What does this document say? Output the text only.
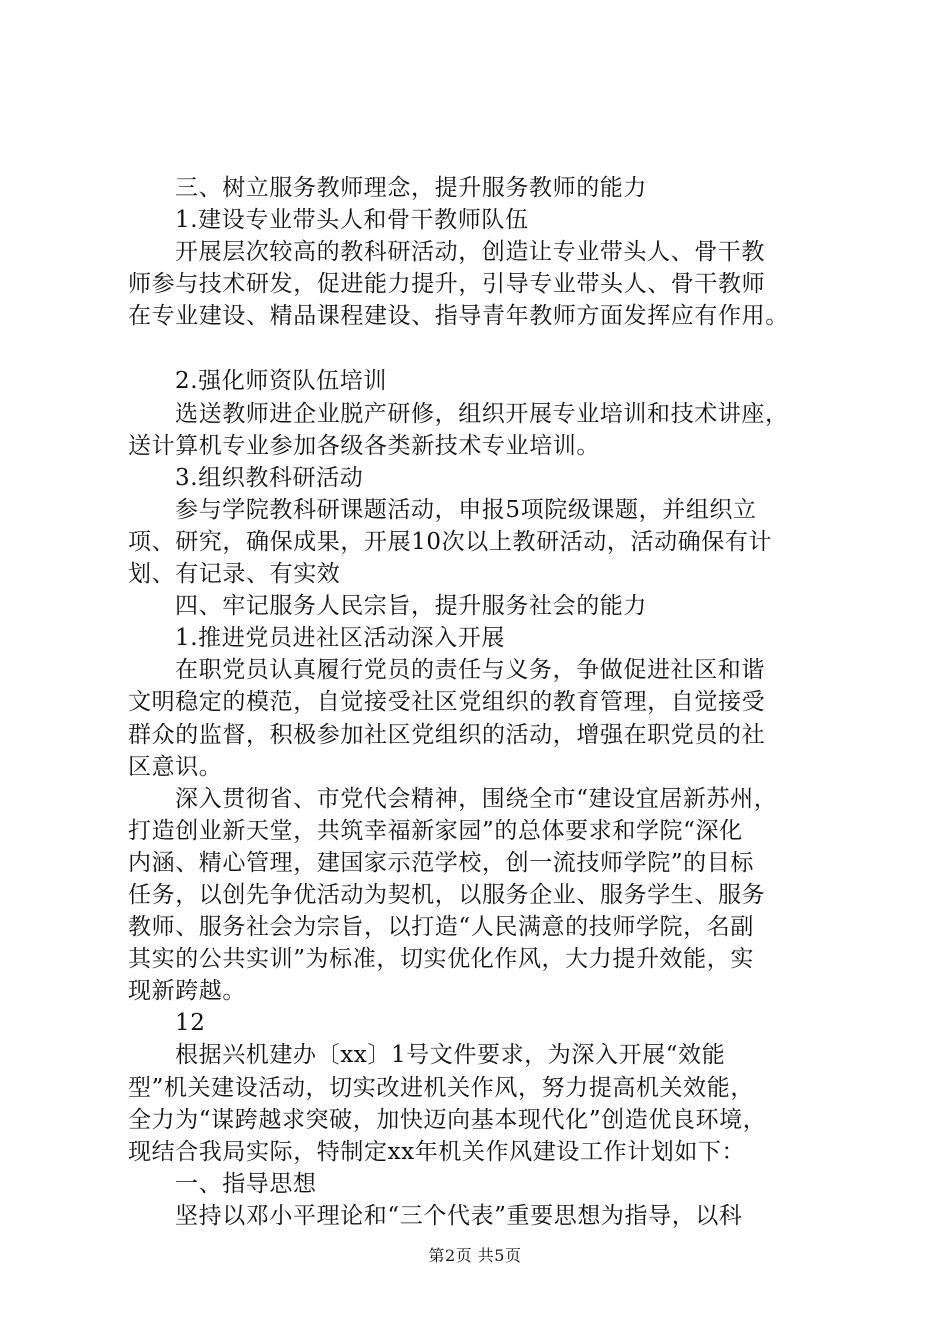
三、树立服务教师理念，提升服务教师的能力
1.建设专业带头人和骨干教师队伍
开展层次较高的教科研活动，创造让专业带头人、骨干教
师参与技术研发，促进能力提升，引导专业带头人、骨干教师
在专业建设、精品课程建设、指导青年教师方面发挥应有作用。
2.强化师资队伍培训
选送教师进企业脱产研修，组织开展专业培训和技术讲座，
送计算机专业参加各级各类新技术专业培训。
3.组织教科研活动
参与学院教科研课题活动，申报5项院级课题，并组织立
项、研究，确保成果，开展10次以上教研活动，活动确保有计
划、有记录、有实效
四、牢记服务人民宗旨，提升服务社会的能力
1.推进党员进社区活动深入开展
在职党员认真履行党员的责任与义务，争做促进社区和谐
文明稳定的模范，自觉接受社区党组织的教育管理，自觉接受
群众的监督，积极参加社区党组织的活动，增强在职党员的社
区意识。
深入贯彻省、市党代会精神，围绕全市“建设宜居新苏州，
打造创业新天堂，共筑幸福新家园”的总体要求和学院“深化
内涵、精心管理，建国家示范学校，创一流技师学院”的目标
任务，以创先争优活动为契机，以服务企业、服务学生、服务
教师、服务社会为宗旨，以打造“人民满意的技师学院，名副
其实的公共实训”为标准，切实优化作风，大力提升效能，实
现新跨越。
12
根据兴机建办〔xx〕1号文件要求，为深入开展“效能
型”机关建设活动，切实改进机关作风，努力提高机关效能，
全力为“谋跨越求突破，加快迈向基本现代化”创造优良环境，
现结合我局实际，特制定xx年机关作风建设工作计划如下：
一、指导思想
坚持以邓小平理论和“三个代表”重要思想为指导，以科
第2页 共5页
